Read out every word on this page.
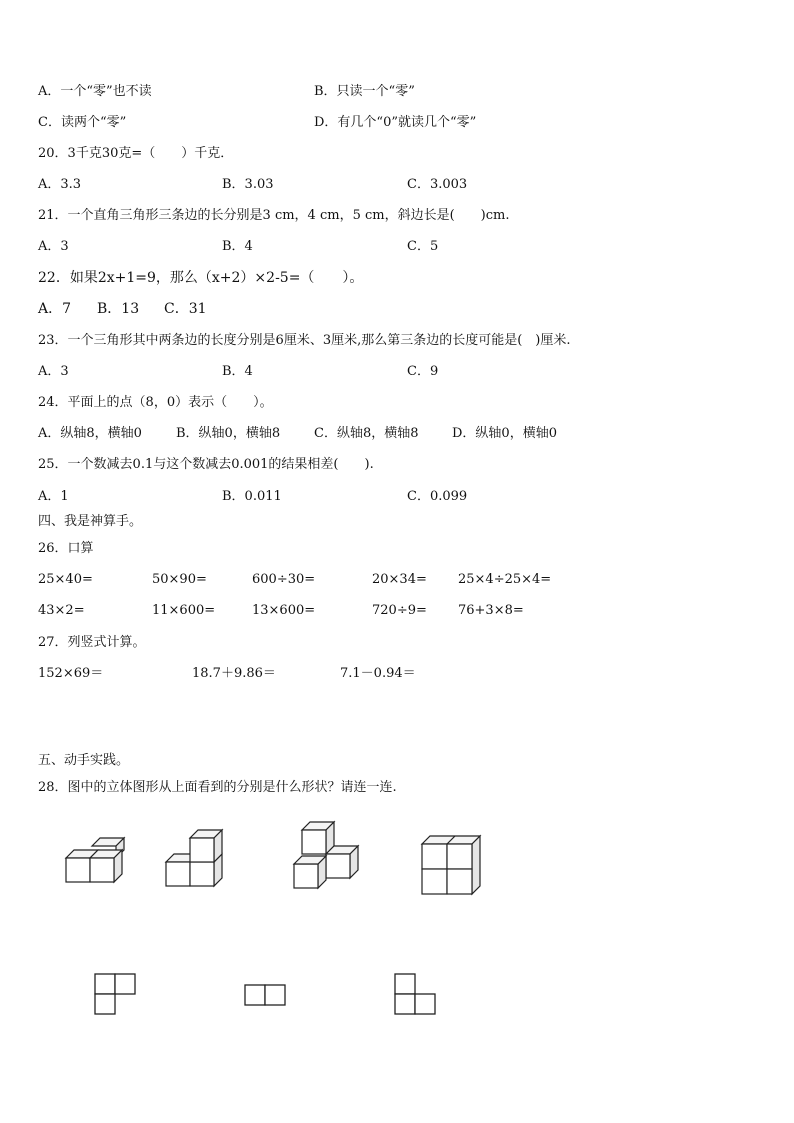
A．一个“零”也不读	B．只读一个“零”
C．读两个“零”	D．有几个“0”就读几个“零”
20．3千克30克=（　　）千克．
A．3.3	B．3.03	C．3.003
21．一个直角三角形三条边的长分别是3 cm，4 cm，5 cm，斜边长是(　　)cm.
A．3	B．4	C．5
22．如果2x+1=9，那么（x+2）×2-5=（　　）。
23．一个三角形其中两条边的长度分别是6厘米、3厘米,那么第三条边的长度可能是(　)厘米.
A．3	B．4	C．9
24．平面上的点（8，0）表示（　　）。
A．纵轴8，横轴0	B．纵轴0，横轴8	C．纵轴8，横轴8	D．纵轴0，横轴0
25．一个数减去0.1与这个数减去0.001的结果相差(　　).
A．1	B．0.011	C．0.099
四、我是神算手。
26．口算
25×40=	50×90=	600÷30=	20×34= 25×4÷25×4=
43×2=	11×600=	13×600=	720÷9= 76+3×8=
27．列竖式计算。
152×69＝	18.7＋9.86＝	7.1－0.94＝
五、动手实践。
28．图中的立体图形从上面看到的分别是什么形状？请连一连.
A．7 B．13 C．31
